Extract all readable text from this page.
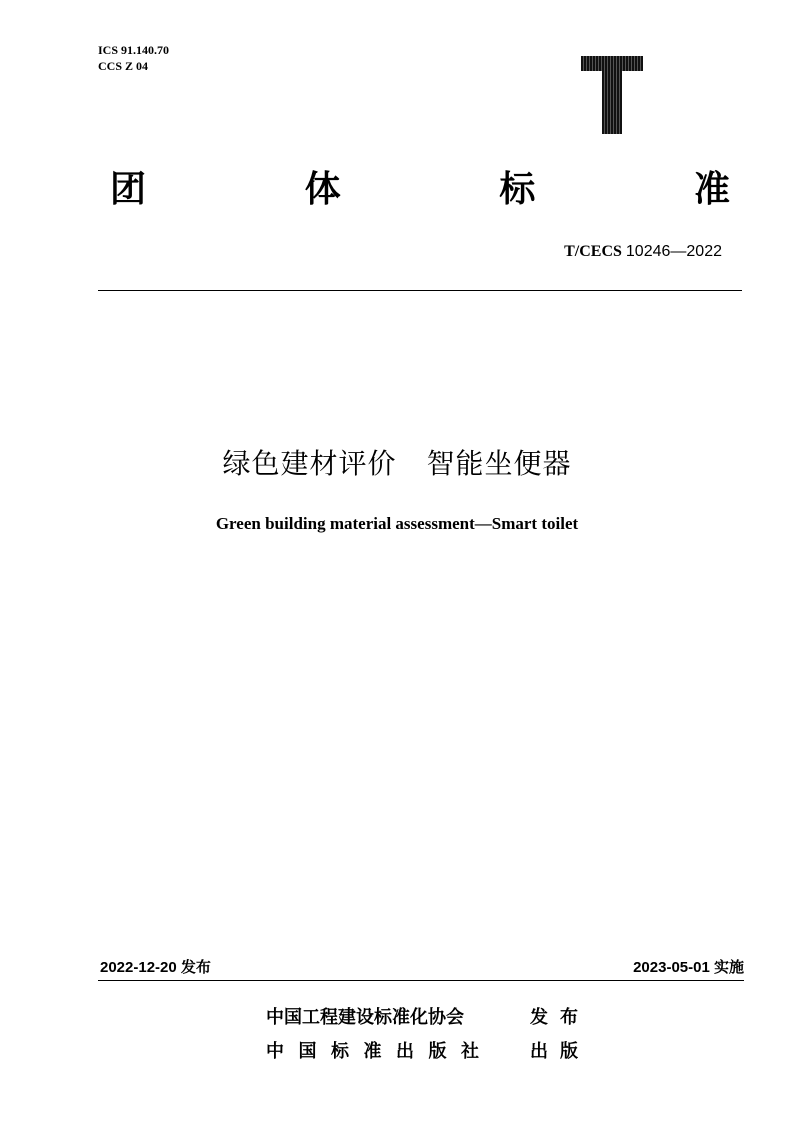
ICS 91.140.70
CCS Z 04
团	体	标	准
T/CECS 10246—2022
绿色建材评价 智能坐便器
Green building material assessment—Smart toilet
2022-12-20 发布	2023-05-01 实施
中国工程建设标准化协会	发布
中国标准出版社 出版
